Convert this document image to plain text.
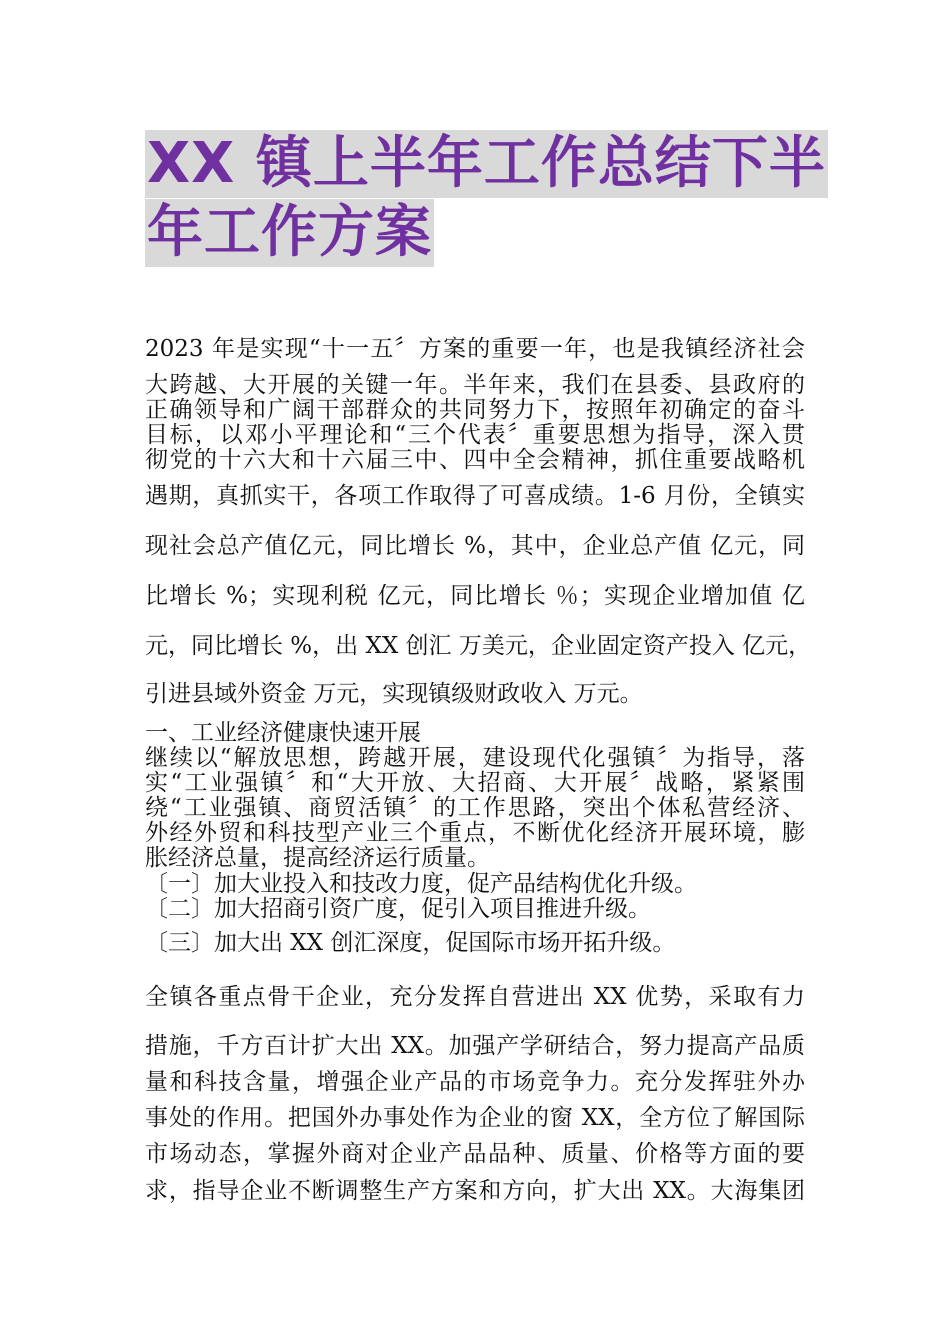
XX 镇上半年工作总结下半 年工作方案
2023 年是实现“十一五〞方案的重要一年，也是我镇经济社会
大跨越、大开展的关键一年。半年来，我们在县委、县政府的
正确领导和广阔干部群众的共同努力下，按照年初确定的奋斗
目标，以邓小平理论和“三个代表〞重要思想为指导，深入贯
彻党的十六大和十六届三中、四中全会精神，抓住重要战略机
遇期，真抓实干，各项工作取得了可喜成绩。1-6 月份，全镇实
现社会总产值亿元，同比增长 %，其中，企业总产值 亿元，同
比增长 %；实现利税 亿元，同比增长 ％；实现企业增加值 亿
元，同比增长 %，出 XX 创汇 万美元，企业固定资产投入 亿元，
引进县域外资金 万元，实现镇级财政收入 万元。
一、工业经济健康快速开展
继续以“解放思想，跨越开展，建设现代化强镇〞为指导，落
实“工业强镇〞和“大开放、大招商、大开展〞战略，紧紧围
绕“工业强镇、商贸活镇〞的工作思路，突出个体私营经济、
外经外贸和科技型产业三个重点，不断优化经济开展环境，膨
胀经济总量，提高经济运行质量。
〔一〕加大业投入和技改力度，促产品结构优化升级。
〔二〕加大招商引资广度，促引入项目推进升级。
〔三〕加大出 XX 创汇深度，促国际市场开拓升级。
全镇各重点骨干企业，充分发挥自营进出 XX 优势，采取有力
措施，千方百计扩大出 XX。加强产学研结合，努力提高产品质
量和科技含量，增强企业产品的市场竞争力。充分发挥驻外办
事处的作用。把国外办事处作为企业的窗 XX，全方位了解国际
市场动态，掌握外商对企业产品品种、质量、价格等方面的要
求，指导企业不断调整生产方案和方向，扩大出 XX。大海集团
